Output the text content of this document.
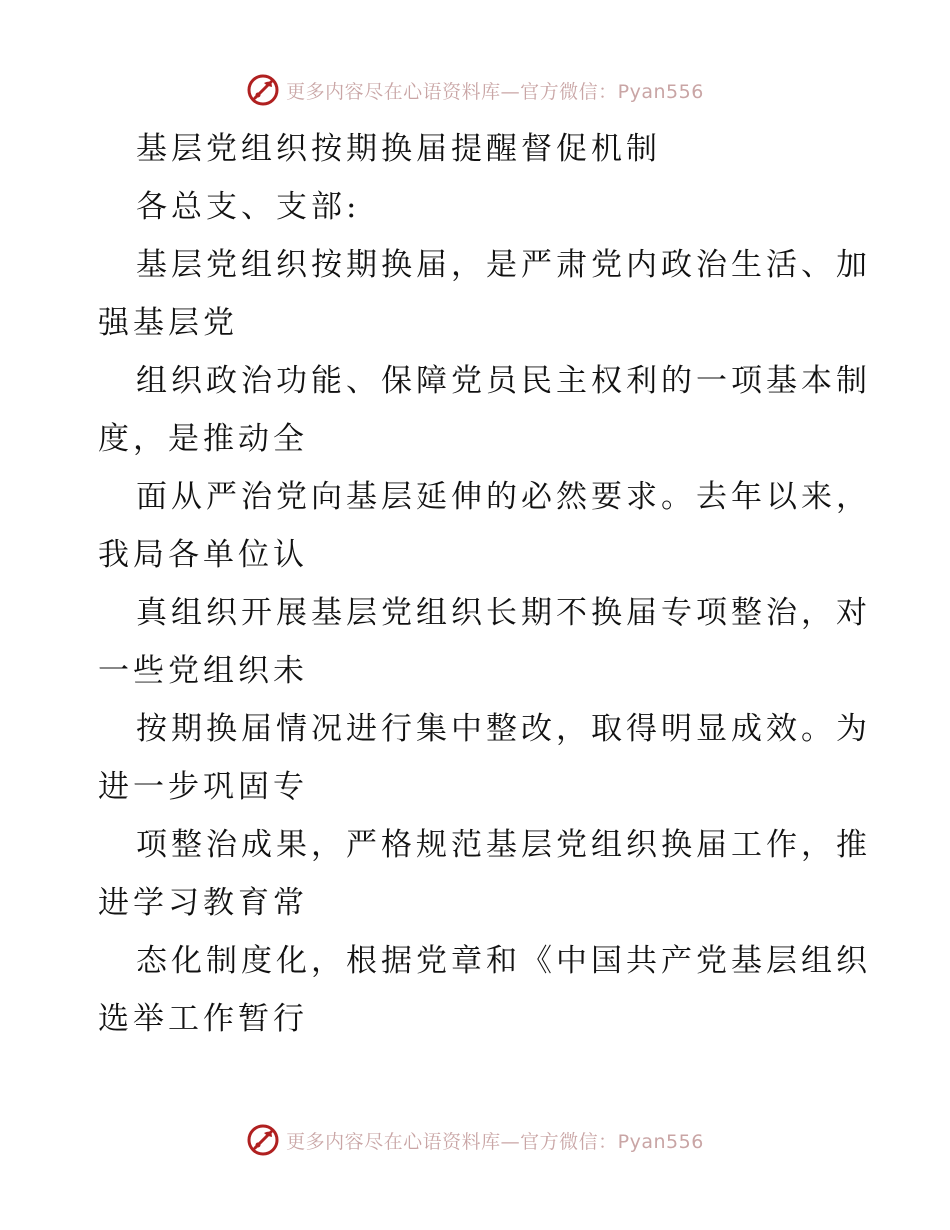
更多内容尽在心语资料库—官方微信：Pyan556
基层党组织按期换届提醒督促机制
各总支、支部:
基层党组织按期换届，是严肃党内政治生活、加
强基层党
组织政治功能、保障党员民主权利的一项基本制
度，是推动全
面从严治党向基层延伸的必然要求。去年以来，
我局各单位认
真组织开展基层党组织长期不换届专项整治，对
一些党组织未
按期换届情况进行集中整改，取得明显成效。为
进一步巩固专
项整治成果，严格规范基层党组织换届工作，推
进学习教育常
态化制度化，根据党章和《中国共产党基层组织
选举工作暂行
更多内容尽在心语资料库—官方微信：Pyan556
